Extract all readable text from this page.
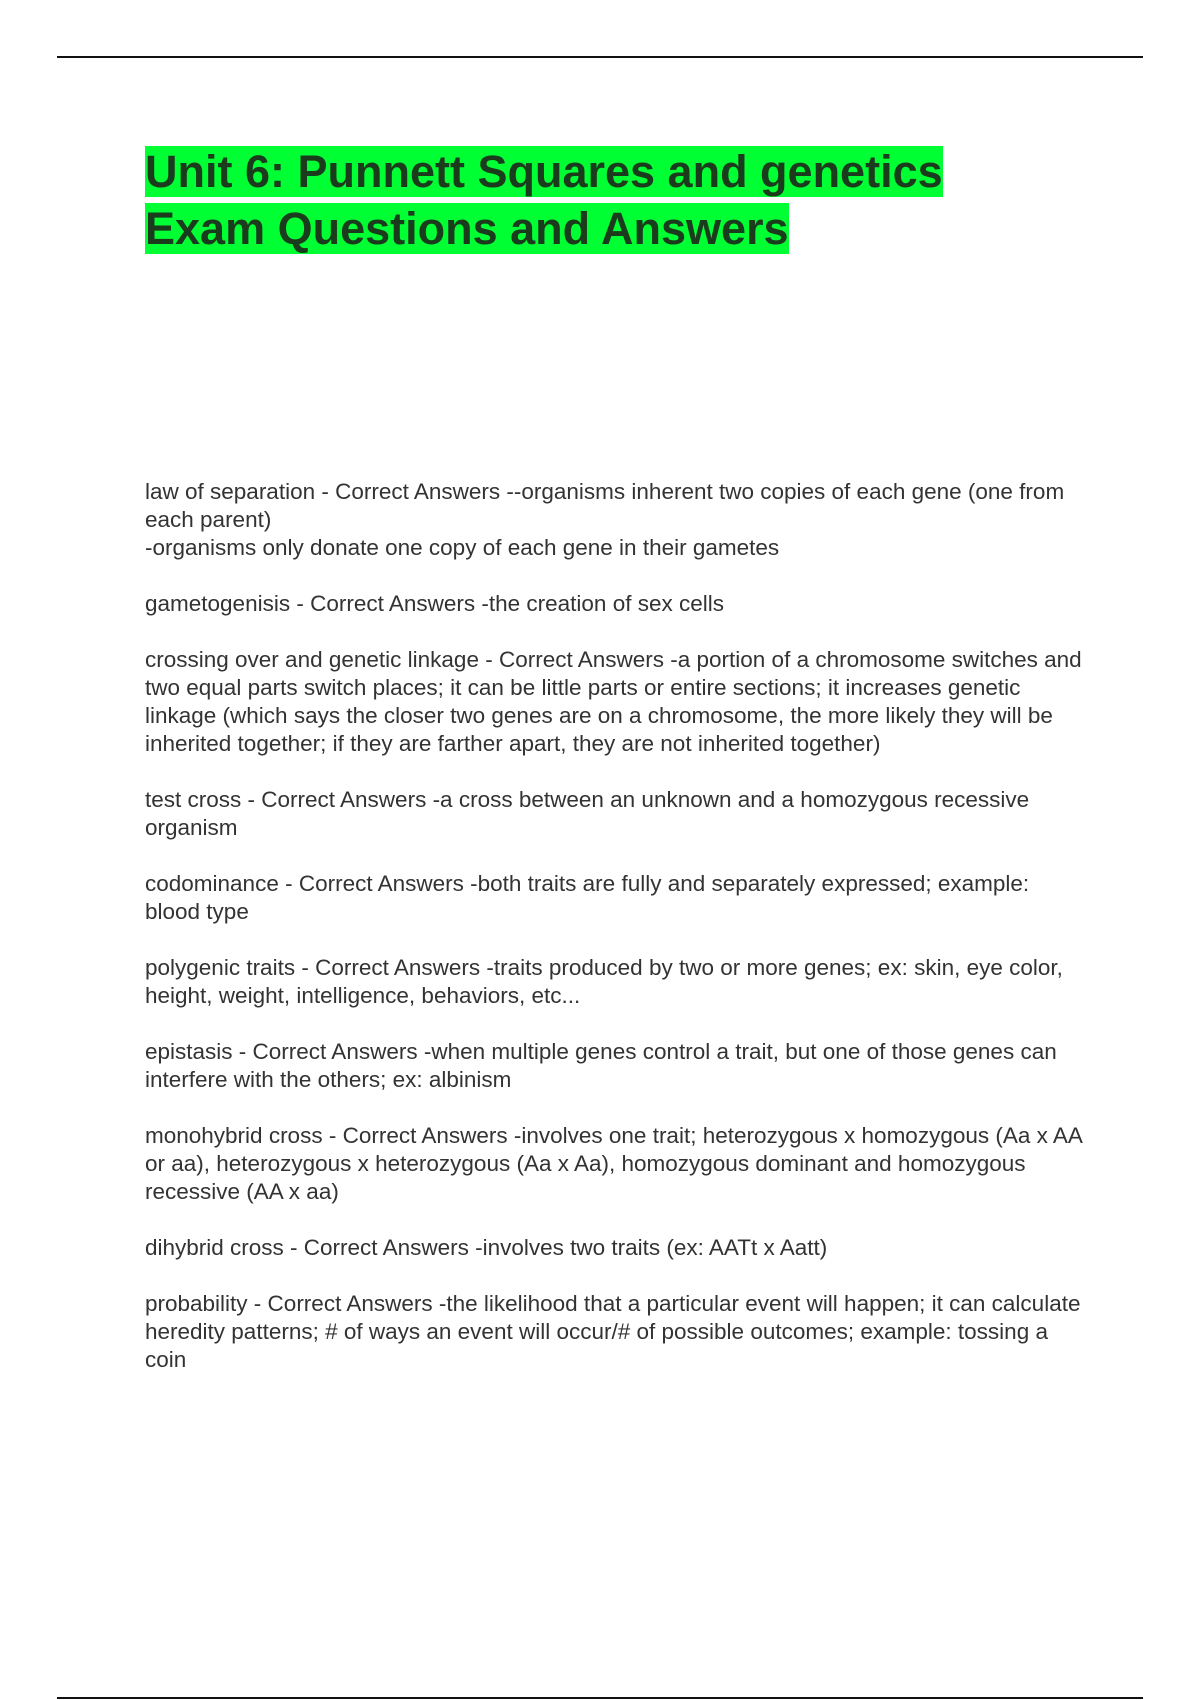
Unit 6: Punnett Squares and genetics
Exam Questions and Answers

law of separation - Correct Answers --organisms inherent two copies of each gene (one from each parent)
-organisms only donate one copy of each gene in their gametes

gametogenisis - Correct Answers -the creation of sex cells

crossing over and genetic linkage - Correct Answers -a portion of a chromosome switches and two equal parts switch places; it can be little parts or entire sections; it increases genetic linkage (which says the closer two genes are on a chromosome, the more likely they will be inherited together; if they are farther apart, they are not inherited together)

test cross - Correct Answers -a cross between an unknown and a homozygous recessive organism

codominance - Correct Answers -both traits are fully and separately expressed; example: blood type

polygenic traits - Correct Answers -traits produced by two or more genes; ex: skin, eye color, height, weight, intelligence, behaviors, etc...

epistasis - Correct Answers -when multiple genes control a trait, but one of those genes can interfere with the others; ex: albinism

monohybrid cross - Correct Answers -involves one trait; heterozygous x homozygous (Aa x AA or aa), heterozygous x heterozygous (Aa x Aa), homozygous dominant and homozygous recessive (AA x aa)

dihybrid cross - Correct Answers -involves two traits (ex: AATt x Aatt)

probability - Correct Answers -the likelihood that a particular event will happen; it can calculate heredity patterns; # of ways an event will occur/# of possible outcomes; example: tossing a coin
